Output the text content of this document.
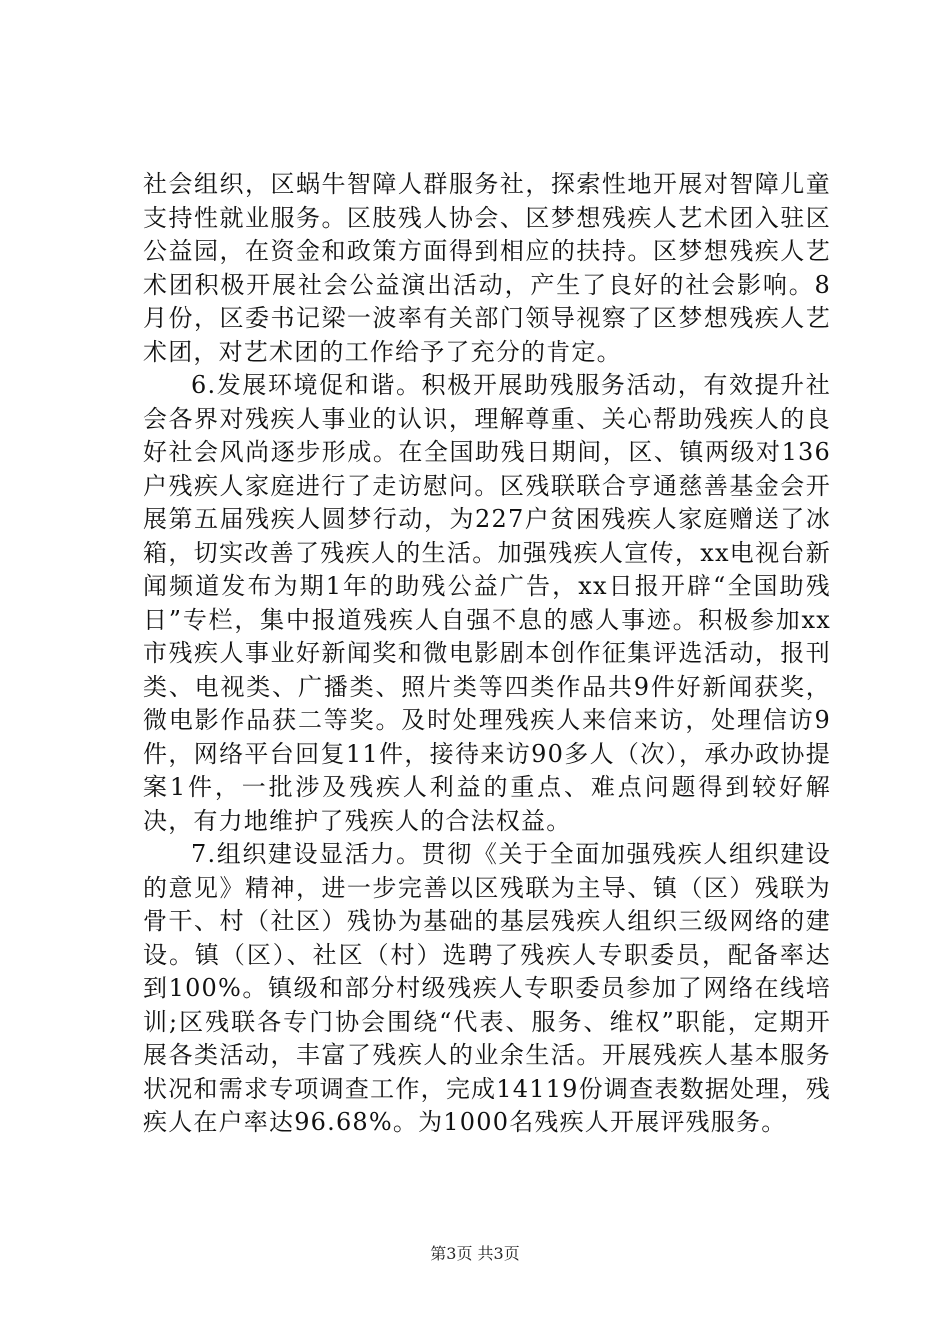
社会组织，区蜗牛智障人群服务社，探索性地开展对智障儿童支持性就业服务。区肢残人协会、区梦想残疾人艺术团入驻区公益园，在资金和政策方面得到相应的扶持。区梦想残疾人艺术团积极开展社会公益演出活动，产生了良好的社会影响。8月份，区委书记梁一波率有关部门领导视察了区梦想残疾人艺术团，对艺术团的工作给予了充分的肯定。

6.发展环境促和谐。积极开展助残服务活动，有效提升社会各界对残疾人事业的认识，理解尊重、关心帮助残疾人的良好社会风尚逐步形成。在全国助残日期间，区、镇两级对136户残疾人家庭进行了走访慰问。区残联联合亨通慈善基金会开展第五届残疾人圆梦行动，为227户贫困残疾人家庭赠送了冰箱，切实改善了残疾人的生活。加强残疾人宣传，xx电视台新闻频道发布为期1年的助残公益广告，xx日报开辟“全国助残日”专栏，集中报道残疾人自强不息的感人事迹。积极参加xx市残疾人事业好新闻奖和微电影剧本创作征集评选活动，报刊类、电视类、广播类、照片类等四类作品共9件好新闻获奖，微电影作品获二等奖。及时处理残疾人来信来访，处理信访9件，网络平台回复11件，接待来访90多人（次），承办政协提案1件，一批涉及残疾人利益的重点、难点问题得到较好解决，有力地维护了残疾人的合法权益。

7.组织建设显活力。贯彻《关于全面加强残疾人组织建设的意见》精神，进一步完善以区残联为主导、镇（区）残联为骨干、村（社区）残协为基础的基层残疾人组织三级网络的建设。镇（区）、社区（村）选聘了残疾人专职委员，配备率达到100%。镇级和部分村级残疾人专职委员参加了网络在线培训;区残联各专门协会围绕“代表、服务、维权”职能，定期开展各类活动，丰富了残疾人的业余生活。开展残疾人基本服务状况和需求专项调查工作，完成14119份调查表数据处理，残疾人在户率达96.68%。为1000名残疾人开展评残服务。

第3页 共3页
